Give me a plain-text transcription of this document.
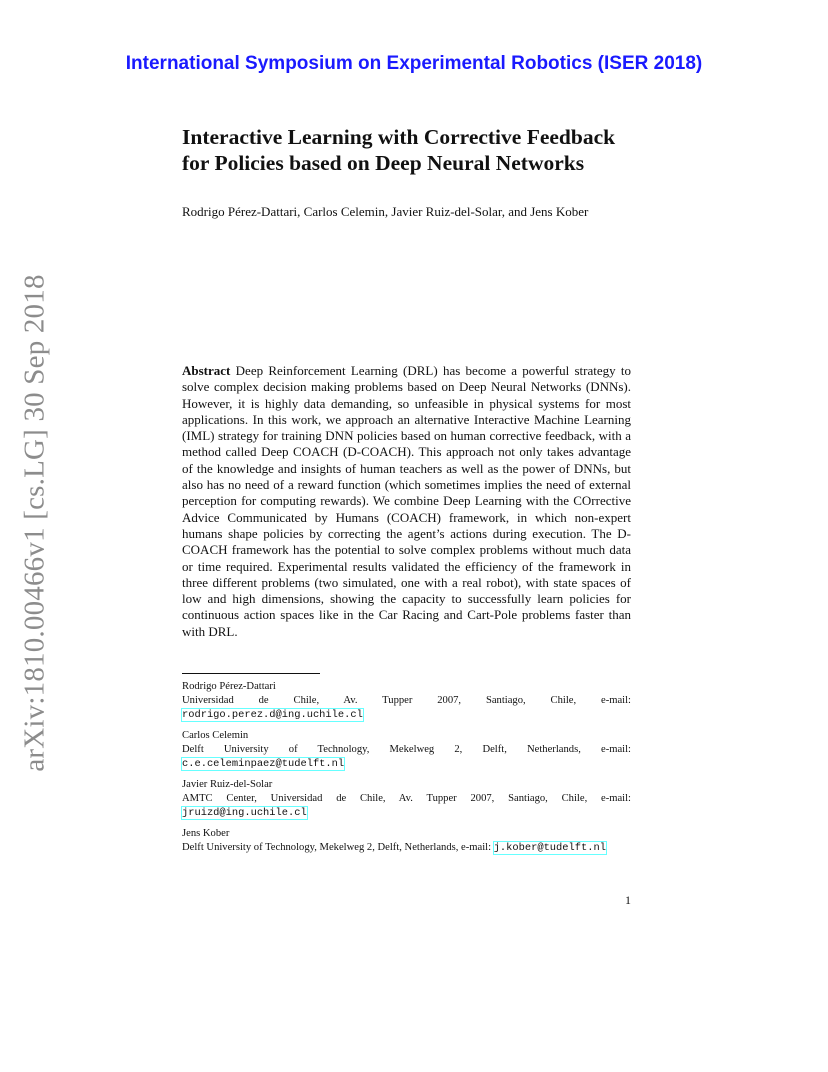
International Symposium on Experimental Robotics (ISER 2018)
arXiv:1810.00466v1 [cs.LG] 30 Sep 2018
Interactive Learning with Corrective Feedback
for Policies based on Deep Neural Networks
Rodrigo Pérez-Dattari, Carlos Celemin, Javier Ruiz-del-Solar, and Jens Kober
Abstract Deep Reinforcement Learning (DRL) has become a powerful strategy to solve complex decision making problems based on Deep Neural Networks (DNNs). However, it is highly data demanding, so unfeasible in physical systems for most applications. In this work, we approach an alternative Interactive Machine Learning (IML) strategy for training DNN policies based on human corrective feedback, with a method called Deep COACH (D-COACH). This approach not only takes advantage of the knowledge and insights of human teachers as well as the power of DNNs, but also has no need of a reward function (which sometimes implies the need of external perception for computing rewards). We combine Deep Learning with the COrrective Advice Communicated by Humans (COACH) framework, in which non-expert humans shape policies by correcting the agent’s actions during execution. The D-COACH framework has the potential to solve complex problems without much data or time required. Experimental results validated the efficiency of the framework in three different problems (two simulated, one with a real robot), with state spaces of low and high dimensions, showing the capacity to successfully learn policies for continuous action spaces like in the Car Racing and Cart-Pole problems faster than with DRL.
Rodrigo Pérez-Dattari
Universidad de Chile, Av. Tupper 2007, Santiago, Chile, e-mail: rodrigo.perez.d@ing.uchile.cl
Carlos Celemin
Delft University of Technology, Mekelweg 2, Delft, Netherlands, e-mail: c.e.celeminpaez@tudelft.nl
Javier Ruiz-del-Solar
AMTC Center, Universidad de Chile, Av. Tupper 2007, Santiago, Chile, e-mail: jruizd@ing.uchile.cl
Jens Kober
Delft University of Technology, Mekelweg 2, Delft, Netherlands, e-mail: j.kober@tudelft.nl
1
